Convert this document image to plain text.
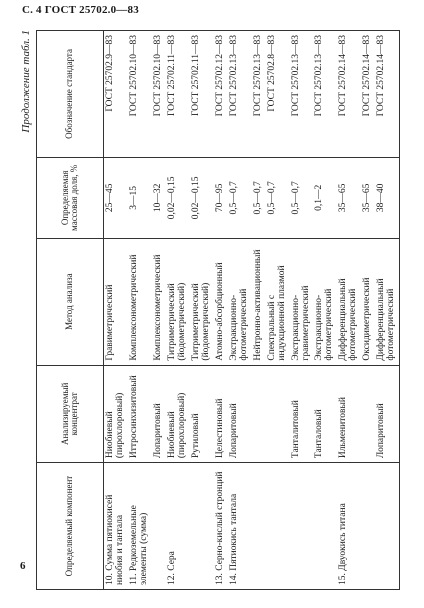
С. 4 ГОСТ 25702.0—83
Продолжение табл. 1
Определяемый компонент	Анализируемый концентрат	Метод анализа	Определяемая массовая доля, %	Обозначение стандарта
10. Сумма пятиокисей ниобия и тантала	Ниобиевый (пирохлоровый)	Гравиметрический	25—45	ГОСТ 25702.9—83
11. Редкоземельные элементы (сумма)	Иттросинхизитовый	Комплексонометрический	3—15	ГОСТ 25702.10—83
	Лопаритовый	Комплексонометрический	10—32	ГОСТ 25702.10—83
12. Сера	Ниобиевый (пирохлоровый)	Титриметрический (йодометрический)	0,02—0,15	ГОСТ 25702.11—83
	Рутиловый	Титриметрический (йодометрический)	0,02—0,15	ГОСТ 25702.11—83
13. Серно-кислый стронций	Целестиновый	Атомно-абсорбционный	70—95	ГОСТ 25702.12—83
14. Пятиокись тантала	Лопаритовый	Экстракционно-фотометрический	0,5—0,7	ГОСТ 25702.13—83
		Нейтронно-активационный	0,5—0,7	ГОСТ 25702.13—83
		Спектральный с индукционной плазмой	0,5—0,7	ГОСТ 25702.8—83
	Танталитовый	Экстракционно-гравиметрический	0,5—0,7	ГОСТ 25702.13—83
	Танталовый	Экстракционно-фотометрический	0,1—2	ГОСТ 25702.13—83
15. Двуокись титана	Ильменитовый	Дифференциальный фотометрический	35—65	ГОСТ 25702.14—83
		Оксидиметрический	35—65	ГОСТ 25702.14—83
	Лопаритовый	Дифференциальный фотометрический	38—40	ГОСТ 25702.14—83
6
